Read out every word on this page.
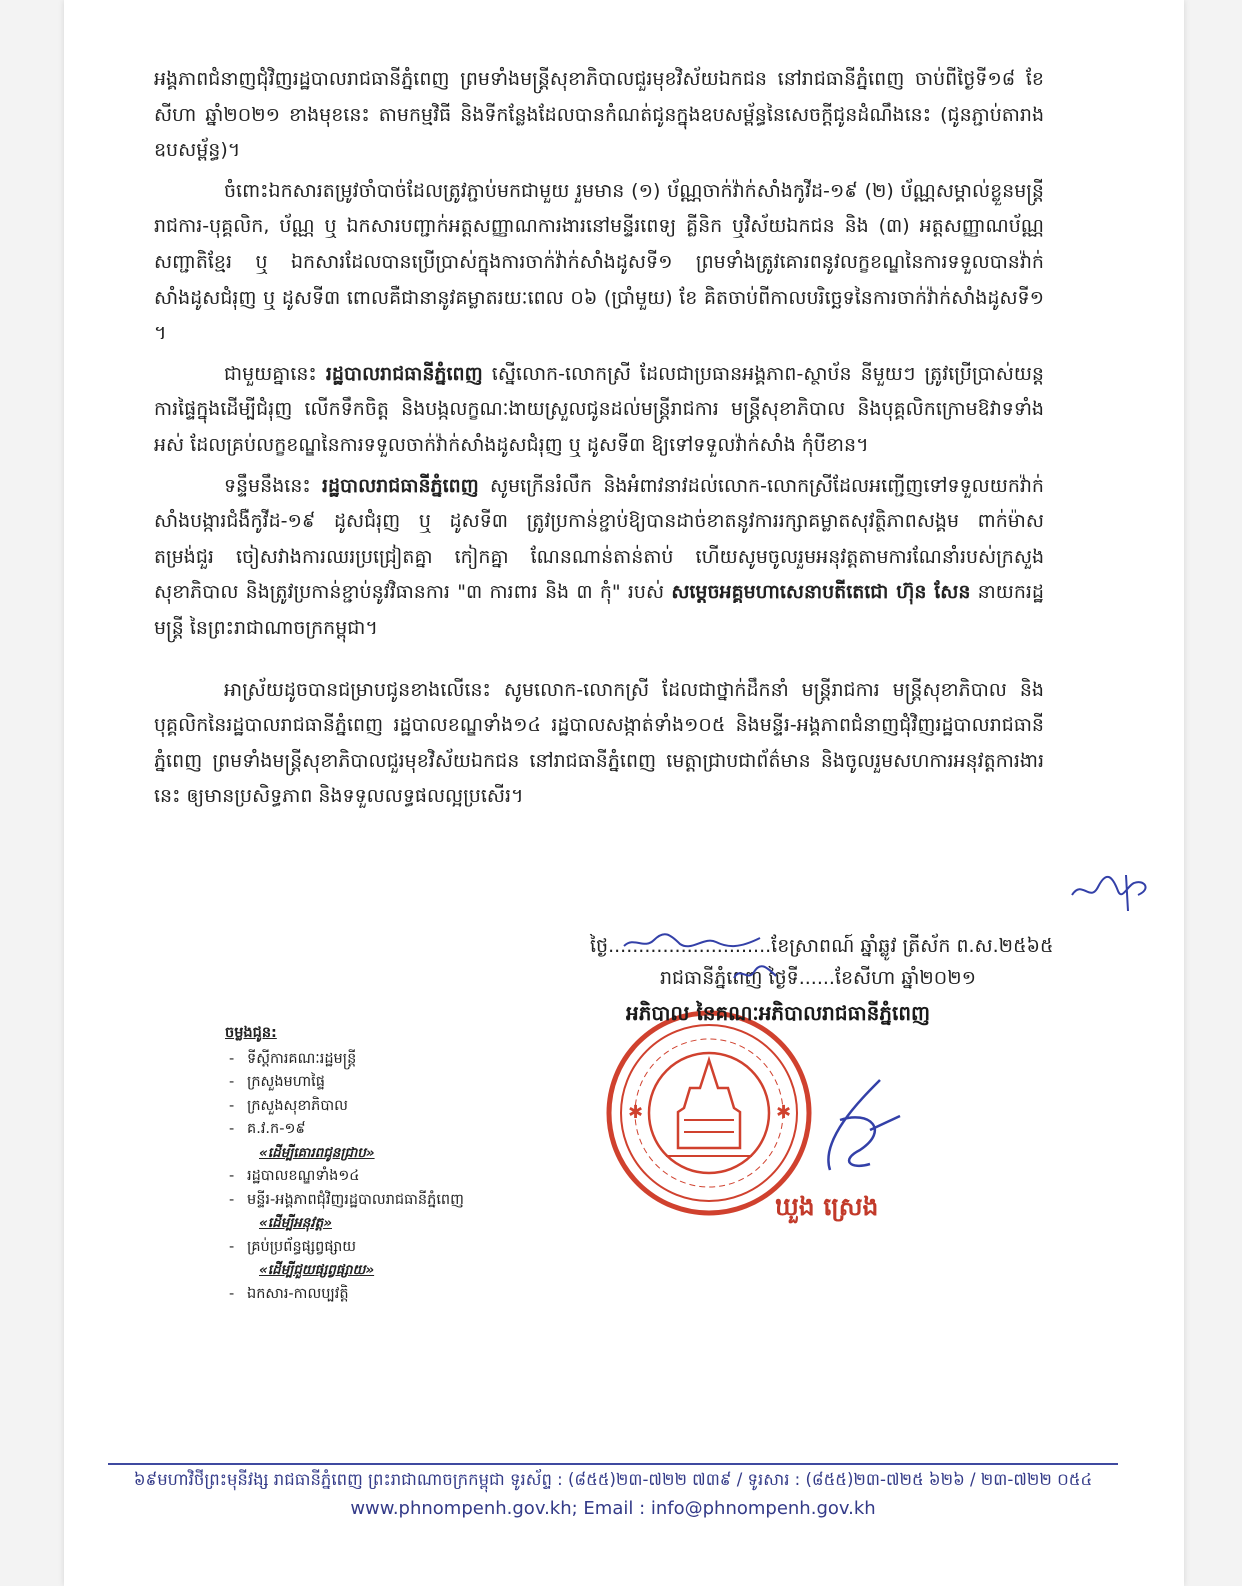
អង្គភាពជំនាញជុំវិញរដ្ឋបាលរាជធានីភ្នំពេញ ព្រមទាំងមន្ត្រីសុខាភិបាលជួរមុខវិស័យឯកជន នៅរាជធានីភ្នំពេញ ចាប់ពីថ្ងៃទី១៨ ខែសីហា ឆ្នាំ២០២១ ខាងមុខនេះ តាមកម្មវិធី និងទីកន្លែងដែលបានកំណត់ជូនក្នុងឧបសម្ព័ន្ធនៃសេចក្តីជូនដំណឹងនេះ (ជូនភ្ជាប់តារាងឧបសម្ព័ន្ធ)។

ចំពោះឯកសារតម្រូវចាំបាច់ដែលត្រូវភ្ជាប់មកជាមួយ រួមមាន (១) ប័ណ្ណចាក់វ៉ាក់សាំងកូវីដ-១៩ (២) ប័ណ្ណសម្គាល់ខ្លួនមន្ត្រីរាជការ-បុគ្គលិក, ប័ណ្ណ ឬ ឯកសារបញ្ជាក់អត្តសញ្ញាណការងារនៅមន្ទីរពេទ្យ គ្លីនិក ឬវិស័យឯកជន និង (៣) អត្តសញ្ញាណប័ណ្ណសញ្ជាតិខ្មែរ ឬ ឯកសារដែលបានប្រើប្រាស់ក្នុងការចាក់វ៉ាក់សាំងដូសទី១ ព្រមទាំងត្រូវគោរពនូវលក្ខខណ្ឌនៃការទទួលបានវ៉ាក់សាំងដូសជំរុញ ឬ ដូសទី៣ ពោលគឺជានានូវគម្លាតរយៈពេល ០៦ (ប្រាំមួយ) ខែ គិតចាប់ពីកាលបរិច្ឆេទនៃការចាក់វ៉ាក់សាំងដូសទី១ ។

ជាមួយគ្នានេះ រដ្ឋបាលរាជធានីភ្នំពេញ ស្នើលោក-លោកស្រី ដែលជាប្រធានអង្គភាព-ស្ថាប័ន នីមួយៗ ត្រូវប្រើប្រាស់យន្តការផ្ទៃក្នុងដើម្បីជំរុញ លើកទឹកចិត្ត និងបង្កលក្ខណៈងាយស្រួលជូនដល់មន្ត្រីរាជការ មន្ត្រីសុខាភិបាល និងបុគ្គលិកក្រោមឱវាទទាំងអស់ ដែលគ្រប់លក្ខខណ្ឌនៃការទទួលចាក់វ៉ាក់សាំងដូសជំរុញ ឬ ដូសទី៣ ឱ្យទៅទទួលវ៉ាក់សាំង កុំបីខាន។

ទន្ទឹមនឹងនេះ រដ្ឋបាលរាជធានីភ្នំពេញ សូមក្រើនរំលឹក និងអំពាវនាវដល់លោក-លោកស្រីដែលអញ្ជើញទៅទទួលយកវ៉ាក់សាំងបង្ការជំងឺកូវីដ-១៩ ដូសជំរុញ ឬ ដូសទី៣ ត្រូវប្រកាន់ខ្ជាប់ឱ្យបានដាច់ខាតនូវការរក្សាគម្លាតសុវត្ថិភាពសង្គម ពាក់ម៉ាស តម្រង់ជួរ ចៀសវាងការឈរប្រជ្រៀតគ្នា កៀកគ្នា ណែនណាន់តាន់តាប់ ហើយសូមចូលរួមអនុវត្តតាមការណែនាំរបស់ក្រសួងសុខាភិបាល និងត្រូវប្រកាន់ខ្ជាប់នូវវិធានការ "៣ ការពារ និង ៣ កុំ" របស់ សម្តេចអគ្គមហាសេនាបតីតេជោ ហ៊ុន សែន នាយករដ្ឋមន្ត្រី នៃព្រះរាជាណាចក្រកម្ពុជា។

អាស្រ័យដូចបានជម្រាបជូនខាងលើនេះ សូមលោក-លោកស្រី ដែលជាថ្នាក់ដឹកនាំ មន្ត្រីរាជការ មន្ត្រីសុខាភិបាល និងបុគ្គលិកនៃរដ្ឋបាលរាជធានីភ្នំពេញ រដ្ឋបាលខណ្ឌទាំង១៤ រដ្ឋបាលសង្កាត់ទាំង១០៥ និងមន្ទីរ-អង្គភាពជំនាញជុំវិញរដ្ឋបាលរាជធានីភ្នំពេញ ព្រមទាំងមន្ត្រីសុខាភិបាលជួរមុខវិស័យឯកជន នៅរាជធានីភ្នំពេញ មេត្តាជ្រាបជាព័ត៌មាន និងចូលរួមសហការអនុវត្តការងារនេះ ឲ្យមានប្រសិទ្ធភាព និងទទួលលទ្ធផលល្អប្រសើរ។

ថ្ងៃ...........................ខែស្រាពណ៍ ឆ្នាំឆ្លូវ ត្រីស័ក ព.ស.២៥៦៥
រាជធានីភ្នំពេញ ថ្ងៃទី......ខែសីហា ឆ្នាំ២០២១
✱	✱
អភិបាល នៃគណៈអភិបាលរាជធានីភ្នំពេញ
ឃួង ស្រេង
ចម្លងជូន:
- ទីស្តីការគណៈរដ្ឋមន្ត្រី
- ក្រសួងមហាផ្ទៃ
- ក្រសួងសុខាភិបាល
- គ.វ.ក-១៩
«ដើម្បីគោរពជូនជ្រាប»
- រដ្ឋបាលខណ្ឌទាំង១៤
- មន្ទីរ-អង្គភាពជុំវិញរដ្ឋបាលរាជធានីភ្នំពេញ
«ដើម្បីអនុវត្ត»
- គ្រប់ប្រព័ន្ធផ្សព្វផ្សាយ
«ដើម្បីជួយផ្សព្វផ្សាយ»
- ឯកសារ-កាលប្បវត្តិ
៦៩មហាវិថីព្រះមុនីវង្ស រាជធានីភ្នំពេញ ព្រះរាជាណាចក្រកម្ពុជា ទូរស័ព្ទ : (៨៥៥)២៣-៧២២ ៧៣៩ / ទូរសារ : (៨៥៥)២៣-៧២៥ ៦២៦ / ២៣-៧២២ ០៥៤
www.phnompenh.gov.kh; Email : info@phnompenh.gov.kh
